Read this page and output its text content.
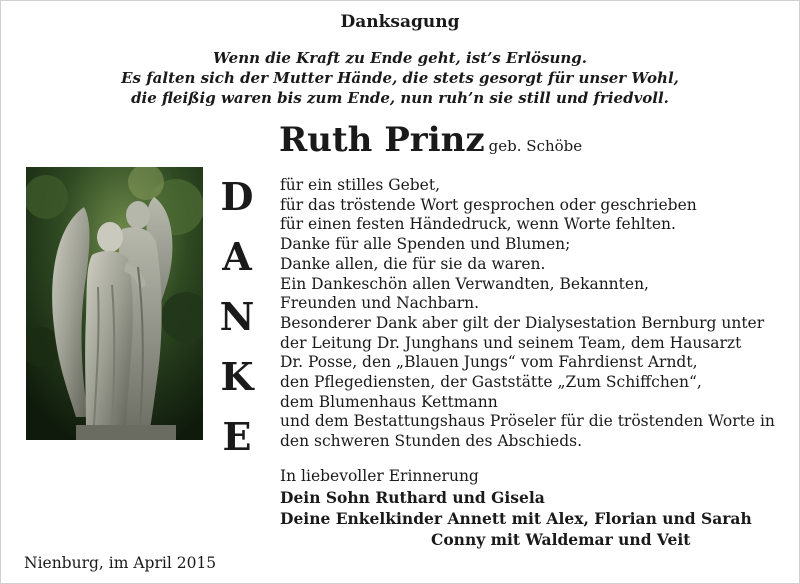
Danksagung
Wenn die Kraft zu Ende geht, ist’s Erlösung.
Es falten sich der Mutter Hände, die stets gesorgt für unser Wohl,
die fleißig waren bis zum Ende, nun ruh’n sie still und friedvoll.
Ruth Prinz geb. Schöbe
D
A
N
K
E
für ein stilles Gebet,
für das tröstende Wort gesprochen oder geschrieben
für einen festen Händedruck, wenn Worte fehlten.
Danke für alle Spenden und Blumen;
Danke allen, die für sie da waren.
Ein Dankeschön allen Verwandten, Bekannten,
Freunden und Nachbarn.
Besonderer Dank aber gilt der Dialysestation Bernburg unter
der Leitung Dr. Junghans und seinem Team, dem Hausarzt
Dr. Posse, den „Blauen Jungs“ vom Fahrdienst Arndt,
den Pflegediensten, der Gaststätte „Zum Schiffchen“,
dem Blumenhaus Kettmann
und dem Bestattungshaus Pröseler für die tröstenden Worte in
den schweren Stunden des Abschieds.
In liebevoller Erinnerung
Dein Sohn Ruthard und Gisela
Deine Enkelkinder Annett mit Alex, Florian und Sarah
Conny mit Waldemar und Veit
Nienburg, im April 2015
